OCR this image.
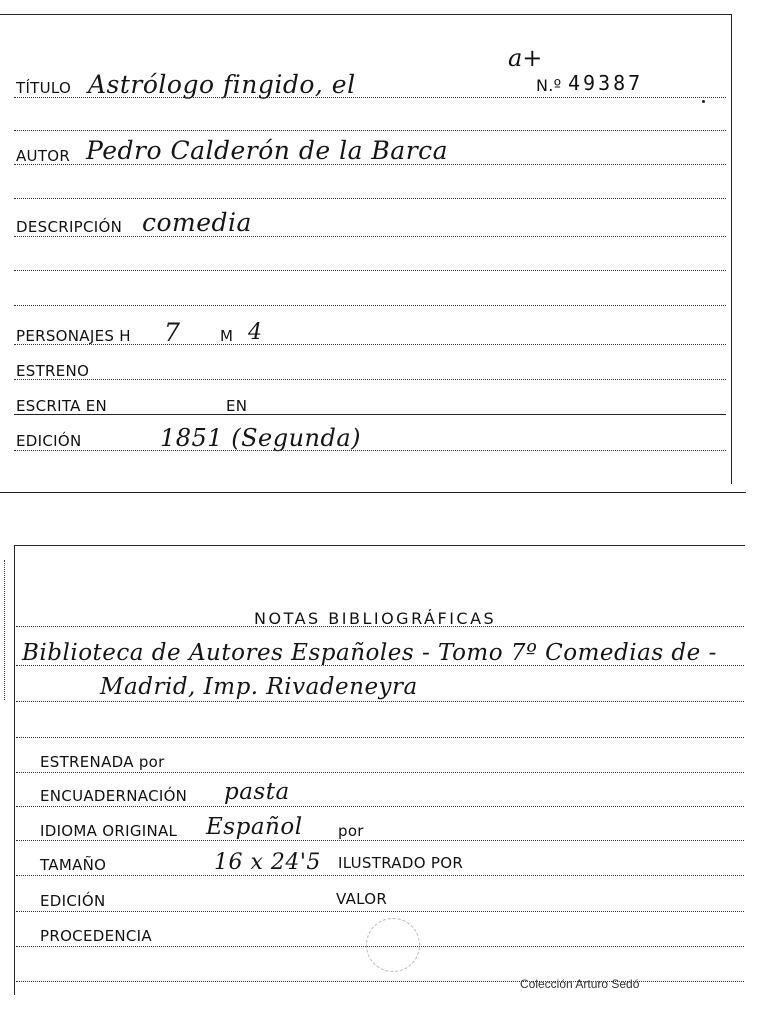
TÍTULO Astrólogo fingido, el
a+
N.º 49387
AUTOR Pedro Calderón de la Barca
DESCRIPCIÓN comedia
PERSONAJES H 7	M 4
ESTRENO
ESCRITA EN	EN
EDICIÓN	1851 (Segunda)
NOTAS BIBLIOGRÁFICAS
Biblioteca de Autores Españoles - Tomo 7º Comedias de -
Madrid, Imp. Rivadeneyra
ESTRENADA por
ENCUADERNACIÓN pasta
IDIOMA ORIGINAL Español por
TAMAÑO	16 x 24'5 ILUSTRADO POR
EDICIÓN	VALOR
PROCEDENCIA
Colección Arturo Sedó
